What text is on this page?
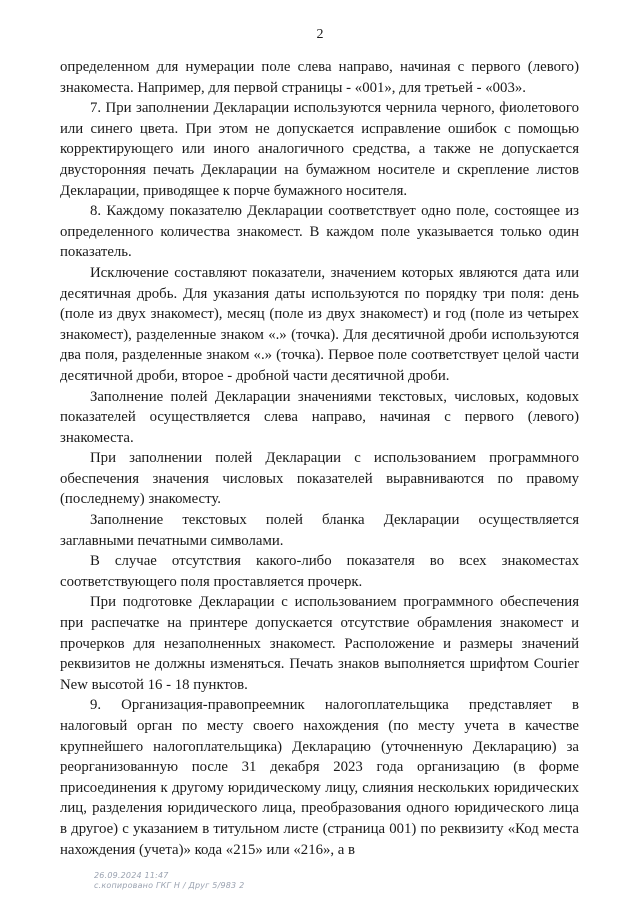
2

определенном для нумерации поле слева направо, начиная с первого (левого) знакоместа. Например, для первой страницы - «001», для третьей - «003».

7. При заполнении Декларации используются чернила черного, фиолетового или синего цвета. При этом не допускается исправление ошибок с помощью корректирующего или иного аналогичного средства, а также не допускается двусторонняя печать Декларации на бумажном носителе и скрепление листов Декларации, приводящее к порче бумажного носителя.

8. Каждому показателю Декларации соответствует одно поле, состоящее из определенного количества знакомест. В каждом поле указывается только один показатель.

Исключение составляют показатели, значением которых являются дата или десятичная дробь. Для указания даты используются по порядку три поля: день (поле из двух знакомест), месяц (поле из двух знакомест) и год (поле из четырех знакомест), разделенные знаком «.» (точка). Для десятичной дроби используются два поля, разделенные знаком «.» (точка). Первое поле соответствует целой части десятичной дроби, второе - дробной части десятичной дроби.

Заполнение полей Декларации значениями текстовых, числовых, кодовых показателей осуществляется слева направо, начиная с первого (левого) знакоместа.

При заполнении полей Декларации с использованием программного обеспечения значения числовых показателей выравниваются по правому (последнему) знакоместу.

Заполнение текстовых полей бланка Декларации осуществляется заглавными печатными символами.

В случае отсутствия какого-либо показателя во всех знакоместах соответствующего поля проставляется прочерк.

При подготовке Декларации с использованием программного обеспечения при распечатке на принтере допускается отсутствие обрамления знакомест и прочерков для незаполненных знакомест. Расположение и размеры значений реквизитов не должны изменяться. Печать знаков выполняется шрифтом Courier New высотой 16 - 18 пунктов.

9. Организация-правопреемник налогоплательщика представляет в налоговый орган по месту своего нахождения (по месту учета в качестве крупнейшего налогоплательщика) Декларацию (уточненную Декларацию) за реорганизованную после 31 декабря 2023 года организацию (в форме присоединения к другому юридическому лицу, слияния нескольких юридических лиц, разделения юридического лица, преобразования одного юридического лица в другое) с указанием в титульном листе (страница 001) по реквизиту «Код места нахождения (учета)» кода «215» или «216», а в

26.09.2024 11:47
с.копировано ГКГ Н / Друг 5/983 2
